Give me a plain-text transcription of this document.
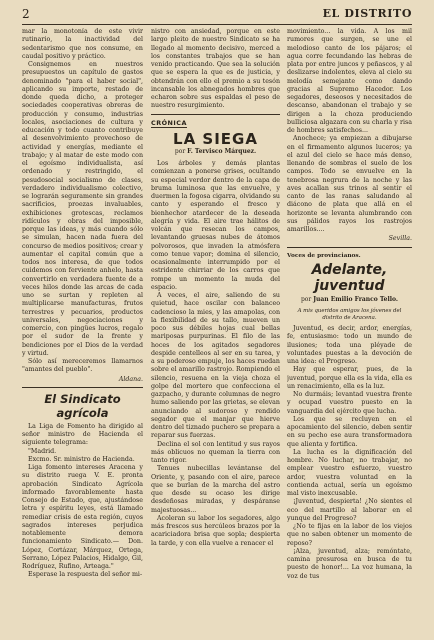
2	EL DISTRITO

mar la monotonía de este vivir rutinario, la inactividad del sedentarismo que nos consume, en caudal positivo y práctico.

Consignemos en nuestros presupuestos un capítulo de gastos denominado "para el haber social", aplicando su importe, restado de donde queda dicho, a proteger sociedades cooperativas obreras de producción y consumo, industrias locales, asociaciones de cultura y educación y todo cuanto contribuye al desenvolvimiento provechoso de actividad y energías, mediante el trabajo; y al matar de este modo con el egoísmo individualista, así ordenado y restringido, el pesudosocial socialismo de clases, verdadero individualismo colectivo, se lograrán seguramente sin grandes sacrificios, proezas invaluables, exhibiciones grotescas, reclamos ridículos y obras del imposible, porque las ideas, y más cuando sólo se simulan, hacen nada fuera del concurso de medios positivos; crear y aumentar el capital común que a todos nos interesa, de que todos cuidemos con ferviente anhelo, hasta convertirlo en verdadera fuente de a veces hilos donde las arcas de cada uno se surtan y repleten al multiplicarse manufacturas, frutos terrestres y pecuarios, productos universales, negociaciones y comercio, con pingües lucros, regalo por el sudor de la frente y bendiciones por el Dios de la verdad y virtud.

Sólo así mereceremos llamarnos "amantes del pueblo".

Aldana.
El Sindicato agrícola

La Liga de Fomento ha dirigido al señor ministro de Hacienda el siguiente telegrama:

"Madrid.

Excmo. Sr. ministro de Hacienda.

Liga fomento intereses Aracena y su distrito ruega V. E. pronta aprobación Sindicato Agrícola informado favorablemente hasta Consejo de Estado, que, ajustándose letra y espíritu leyes, está llamado remediar crisis de esta región, cuyos sagrados intereses perjudica notablemente demora funcionamiento Sindicato.— Don. López, Cortázar, Márquez, Ortega, Serrano, López Palacios, Hidalgo, Gil, Rodríguez, Rufino, Arteaga."

Esperase la respuesta del señor mi-

nistro con ansiedad, porque en este largo pleito de nuestro Sindicato se ha llegado al momento decisivo, merced a los constantes trabajos que se han venido practicando. Que sea la solución que se espera la que es de justicia, y obtendrán con ello el premio a su tesón incansable los abnegados hombres que echaron sobre sus espaldas el peso de nuestro resurgimiento.

CRÓNICA
LA SIEGA
por F. Tervisco Márquez.

Los árboles y demás plantas comienzan a ponerse grises, ocultando su especial verdor dentro de la capa de bruma luminosa que las envuelve, y duermen la fogosa cigarra, olvidando su canto y esperando el fresco y bienhechor atardecer de la deseada alegría y vida. El aire trae hálitos de volcán que resecan los campos, levantando gruesas nubes de átomos polvorosos, que invaden la atmósfera como tenue vapor; domina el silencio, ocasionalmente interrumpido por el estridente chirriar de los carros que rompe un momento la muda del espacio.

A veces, el aire, saliendo de su quietud, hace oscilar con balanceo cadencioso la mies, y las amapolas, con la flexibilidad de su tallo, mueven un poco sus débiles hojas cual bellas mariposas purpurinas. El filo de las hoces de los agitados segadores despide centelleos al ser en su tarea, y a su poderoso empuje, los haces ruedan sobre el amarillo rastrojo. Rompiendo el silencio, resuena en la vieja choza el golpe del mortero que confecciona el gazpacho, y durante columnas de negro humo saliendo por las grietas, se elevan anunciando al sudoroso y rendido segador que el manjar que hierve dentro del tiznado puchero se prepara a reparar sus fuerzas.

Declina el sol con lentitud y sus rayos más oblicuos no queman la tierra con tanto rigor.

Tenues nubecillas levántanse del Oriente, y, pasando con el aire, parece que se burlan de la marcha del astro que desde su ocaso les dirige desdeñosas miradas, y despáranse majestuosas...

Acoleran su labor los segadores, algo más frescos sus hercúleos brazos por la acariciadora brisa que sopla; despierta la tarde, y con ella vuelve a renacer el

movimiento... la vida. A los mil rumores que surgen, se une el melodioso canto de los pájaros; el agua corre fecundando las hebras de plata por entre juncos y peñascos, y al deslizarse indolentes, eleva al cielo su melodía semejante como dando gracias al Supremo Hacedor. Los segadores, deseosos y necesitados de descanso, abandonan el trabajo y se dirigen a la choza produciendo bulliciosa algazara con su charla y risa de hombres satisfechos...

Anochece; ya empiezan a dibujarse en el firmamento algunos luceros; ya el azul del cielo se hace más denso, llenando de sombras el suelo de los campos. Todo se envuelve en la tenebrosa negrura de la noche y las aves acallan sus trinos al sentir el canto de las ranas saludando al diácono de plata que allá en el horizonte se levanta alumbrando con sus pálidos rayos los rastrojos amarillos....

Sevilla.
Voces de provincianos.
Adelante, juventud
por Juan Emilio Franco Tello.
A mis queridos amigos los jóvenes del distrito de Aracena.

Juventud, es decir, ardor, energías, fe, entusiasmo: todo un mundo de ilusiones; toda una pléyade de voluntades puestas a la devoción de una idea: el Progreso.

Hay que esperar, pues, de la juventud, porque ella es la vida, ella es un renacimiento, ella es la luz.

No durmáis; levantad vuestra frente y ocupad vuestro puesto en la vanguardia del ejército que lucha.

Los que se recluyen en el apocamiento del silencio, deben sentir en su pecho ese aura transformadora que alienta y fortifica.

La lucha es la dignificación del hombre. No luchar, no trabajar, no emplear vuestro esfuerzo, vuestro ardor, vuestra voluntad en la contienda actual, sería un egoísmo mal visto inexcusable.

¡Juventud, despierta! ¿No sientes el eco del martillo al laborar en el yunque del Progreso?

¿No te fijas en la labor de los viejos que no saben obtener un momento de reposo?

¡Alza, juventud, alza; remóntate, camina presurosa en busca de tu puesto de honor!... La voz humana, la voz de tus
